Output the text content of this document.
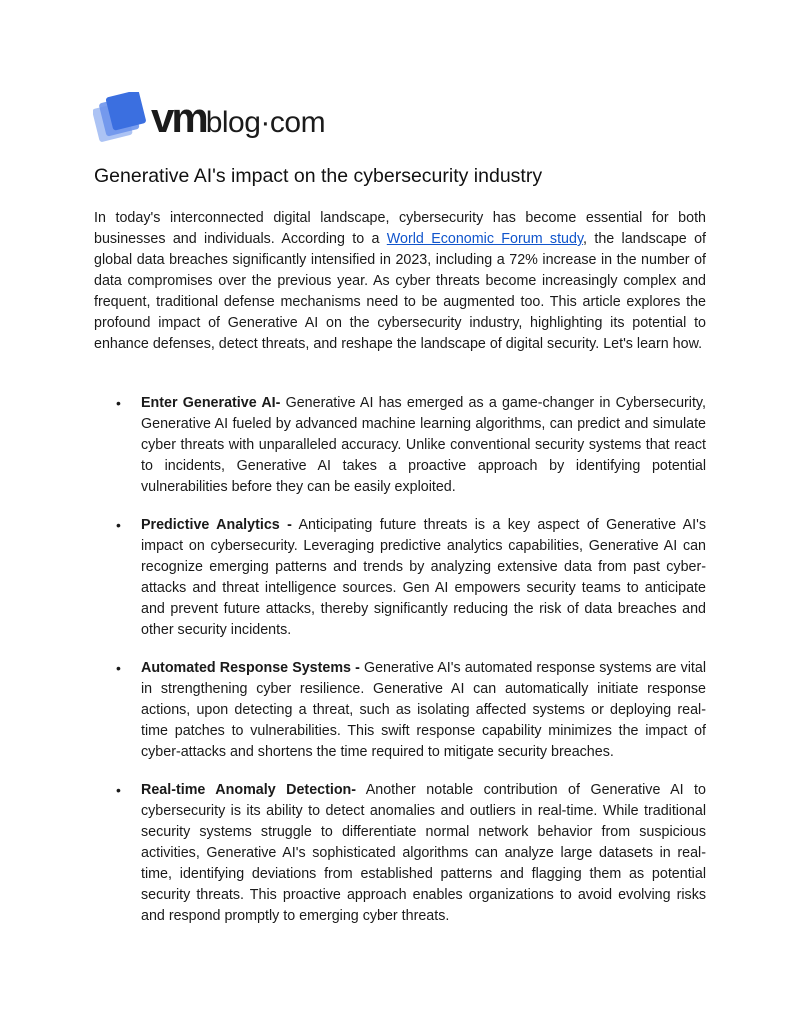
vmblog·com
Generative AI's impact on the cybersecurity industry

In today's interconnected digital landscape, cybersecurity has become essential for both businesses and individuals. According to a World Economic Forum study, the landscape of global data breaches significantly intensified in 2023, including a 72% increase in the number of data compromises over the previous year. As cyber threats become increasingly complex and frequent, traditional defense mechanisms need to be augmented too. This article explores the profound impact of Generative AI on the cybersecurity industry, highlighting its potential to enhance defenses, detect threats, and reshape the landscape of digital security. Let's learn how.

• Enter Generative AI- Generative AI has emerged as a game-changer in Cybersecurity, Generative AI fueled by advanced machine learning algorithms, can predict and simulate cyber threats with unparalleled accuracy. Unlike conventional security systems that react to incidents, Generative AI takes a proactive approach by identifying potential vulnerabilities before they can be easily exploited.
• Predictive Analytics - Anticipating future threats is a key aspect of Generative AI's impact on cybersecurity. Leveraging predictive analytics capabilities, Generative AI can recognize emerging patterns and trends by analyzing extensive data from past cyber-attacks and threat intelligence sources. Gen AI empowers security teams to anticipate and prevent future attacks, thereby significantly reducing the risk of data breaches and other security incidents.
• Automated Response Systems - Generative AI's automated response systems are vital in strengthening cyber resilience. Generative AI can automatically initiate response actions, upon detecting a threat, such as isolating affected systems or deploying real-time patches to vulnerabilities. This swift response capability minimizes the impact of cyber-attacks and shortens the time required to mitigate security breaches.
• Real-time Anomaly Detection- Another notable contribution of Generative AI to cybersecurity is its ability to detect anomalies and outliers in real-time. While traditional security systems struggle to differentiate normal network behavior from suspicious activities, Generative AI's sophisticated algorithms can analyze large datasets in real-time, identifying deviations from established patterns and flagging them as potential security threats. This proactive approach enables organizations to avoid evolving risks and respond promptly to emerging cyber threats.
